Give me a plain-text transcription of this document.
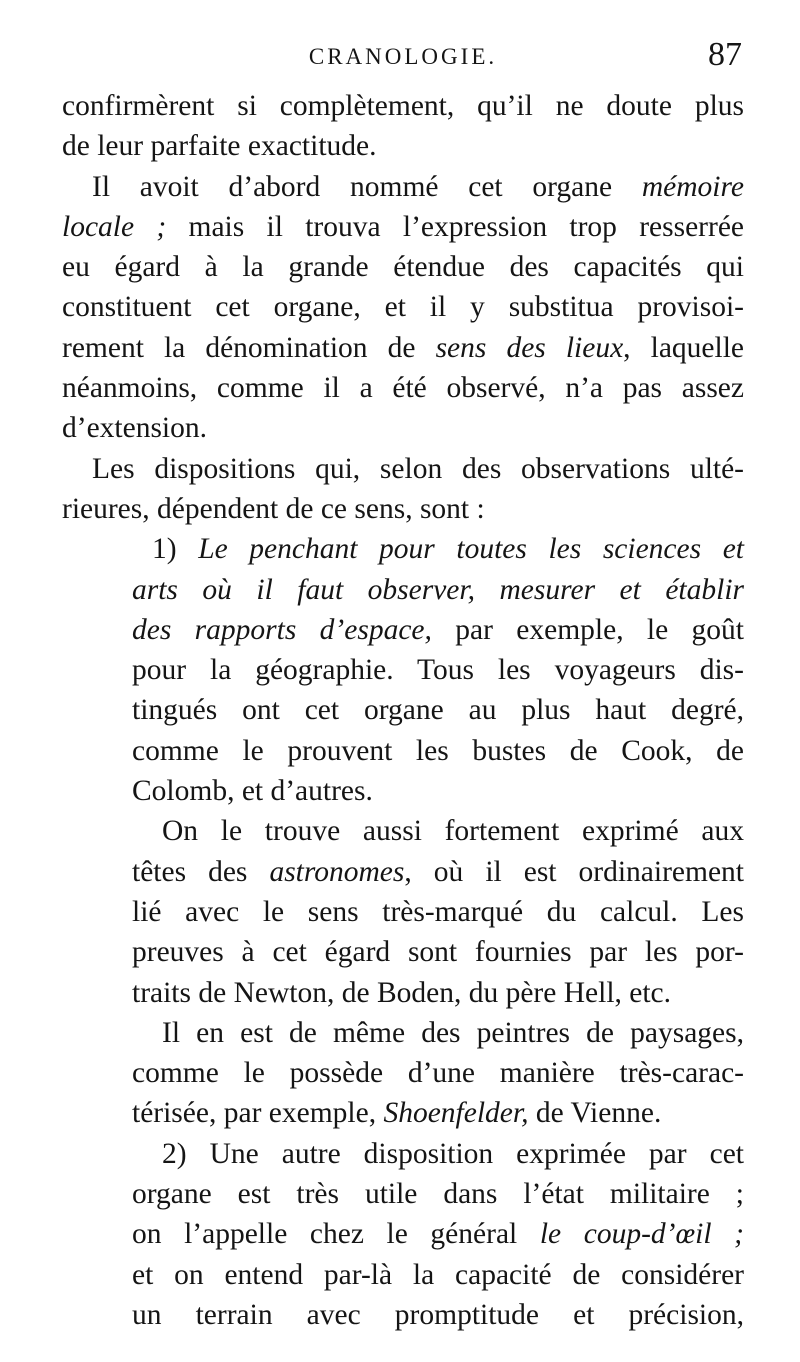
CRANOLOGIE.	87
confirmèrent si complètement, qu’il ne doute plus
de leur parfaite exactitude.
Il avoit d’abord nommé cet organe mémoire
locale ; mais il trouva l’expression trop resserrée
eu égard à la grande étendue des capacités qui
constituent cet organe, et il y substitua provisoi-
rement la dénomination de sens des lieux, laquelle
néanmoins, comme il a été observé, n’a pas assez
d’extension.
Les dispositions qui, selon des observations ulté-
rieures, dépendent de ce sens, sont :
1) Le penchant pour toutes les sciences et
arts où il faut observer, mesurer et établir
des rapports d’espace, par exemple, le goût
pour la géographie. Tous les voyageurs dis-
tingués ont cet organe au plus haut degré,
comme le prouvent les bustes de Cook, de
Colomb, et d’autres.
On le trouve aussi fortement exprimé aux
têtes des astronomes, où il est ordinairement
lié avec le sens très-marqué du calcul. Les
preuves à cet égard sont fournies par les por-
traits de Newton, de Boden, du père Hell, etc.
Il en est de même des peintres de paysages,
comme le possède d’une manière très-carac-
térisée, par exemple, Shoenfelder, de Vienne.
2) Une autre disposition exprimée par cet
organe est très utile dans l’état militaire ;
on l’appelle chez le général le coup-d’œil ;
et on entend par-là la capacité de considérer
un terrain avec promptitude et précision,
